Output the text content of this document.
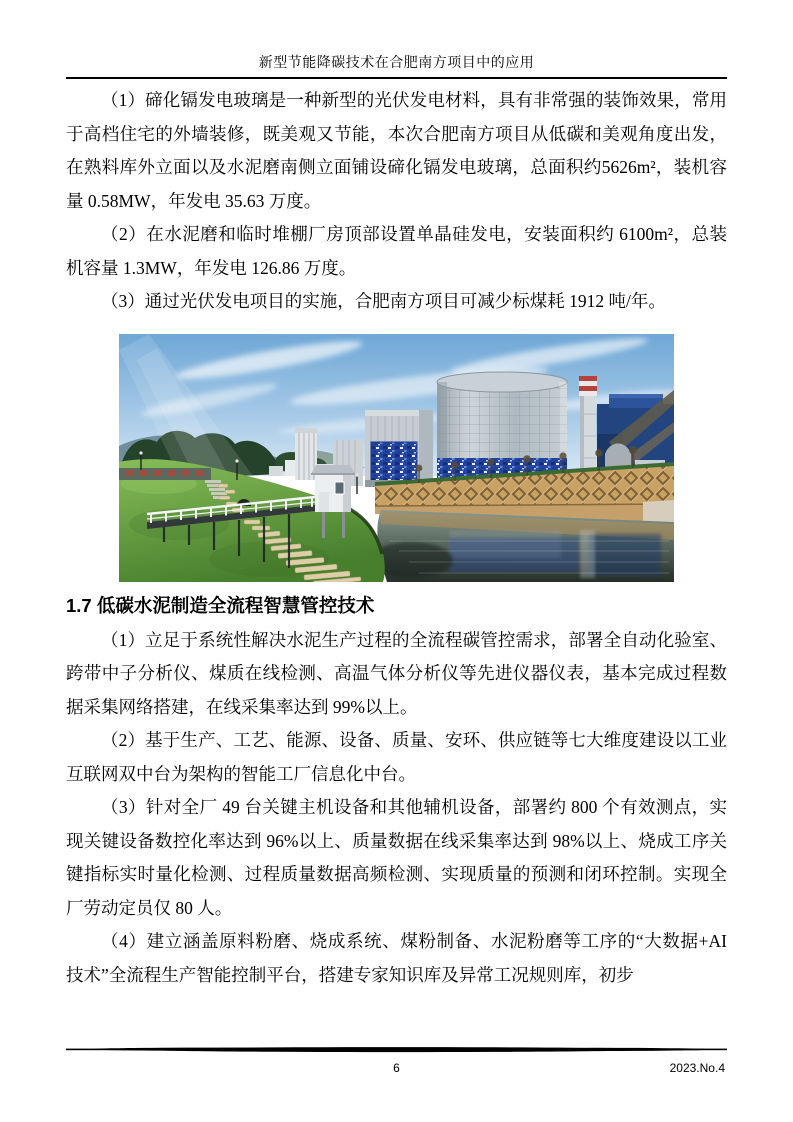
新型节能降碳技术在合肥南方项目中的应用

（1）碲化镉发电玻璃是一种新型的光伏发电材料，具有非常强的装饰效果，常用于高档住宅的外墙装修，既美观又节能，本次合肥南方项目从低碳和美观角度出发，在熟料库外立面以及水泥磨南侧立面铺设碲化镉发电玻璃，总面积约5626m²，装机容量 0.58MW，年发电 35.63 万度。

（2）在水泥磨和临时堆棚厂房顶部设置单晶硅发电，安装面积约 6100m²，总装机容量 1.3MW，年发电 126.86 万度。

（3）通过光伏发电项目的实施，合肥南方项目可减少标煤耗 1912 吨/年。

1.7 低碳水泥制造全流程智慧管控技术

（1）立足于系统性解决水泥生产过程的全流程碳管控需求，部署全自动化验室、跨带中子分析仪、煤质在线检测、高温气体分析仪等先进仪器仪表，基本完成过程数据采集网络搭建，在线采集率达到 99%以上。

（2）基于生产、工艺、能源、设备、质量、安环、供应链等七大维度建设以工业互联网双中台为架构的智能工厂信息化中台。

（3）针对全厂 49 台关键主机设备和其他辅机设备，部署约 800 个有效测点，实现关键设备数控化率达到 96%以上、质量数据在线采集率达到 98%以上、烧成工序关键指标实时量化检测、过程质量数据高频检测、实现质量的预测和闭环控制。实现全厂劳动定员仅 80 人。

（4）建立涵盖原料粉磨、烧成系统、煤粉制备、水泥粉磨等工序的“大数据+AI 技术”全流程生产智能控制平台，搭建专家知识库及异常工况规则库，初步

6	2023.No.4
